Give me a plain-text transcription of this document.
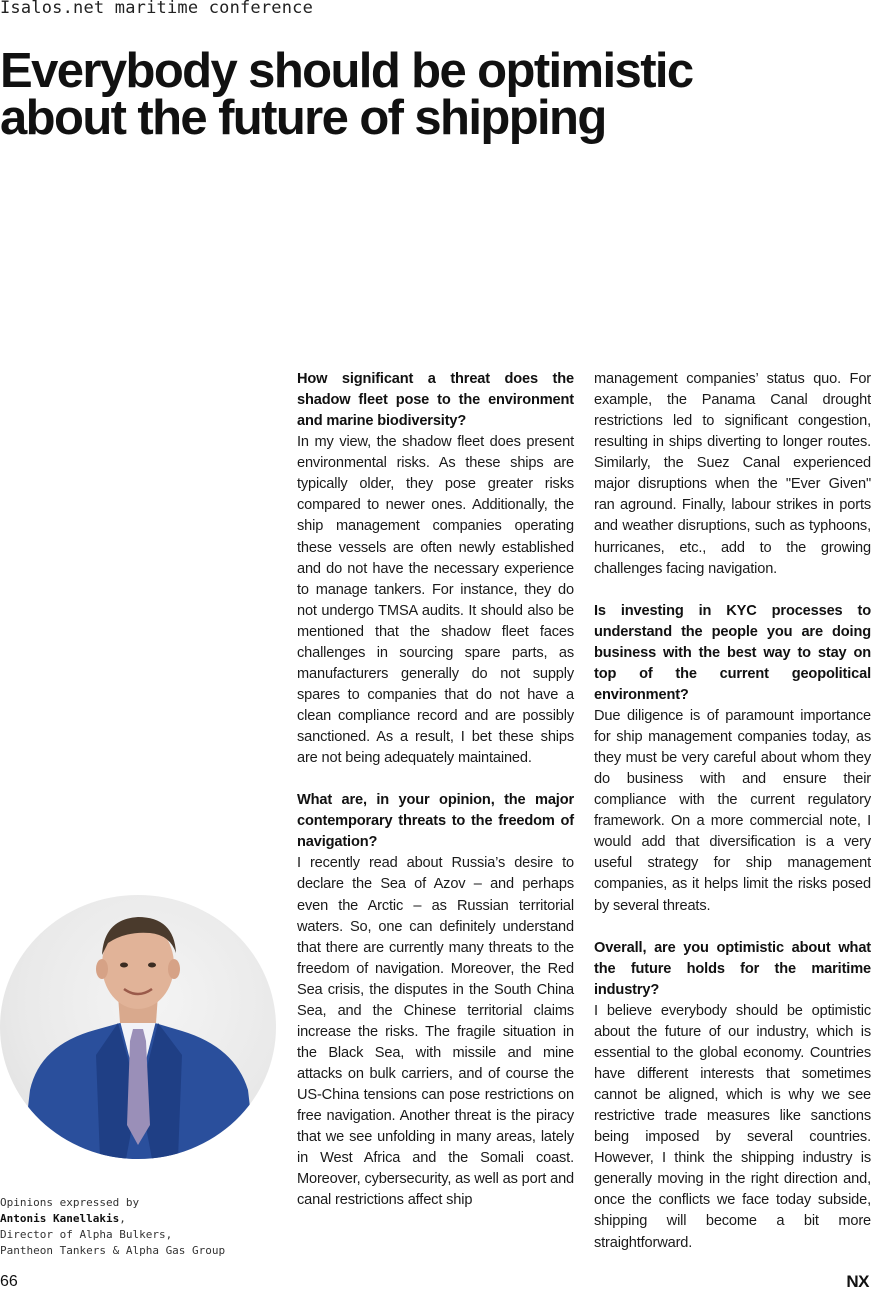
Isalos.net maritime conference
Everybody should be optimistic
about the future of shipping

How significant a threat does the shadow fleet pose to the environment and marine biodiversity?

In my view, the shadow fleet does present environmental risks. As these ships are typically older, they pose greater risks compared to newer ones. Additionally, the ship management companies operating these vessels are often newly established and do not have the necessary experience to manage tankers. For instance, they do not undergo TMSA audits. It should also be mentioned that the shadow fleet faces challenges in sourcing spare parts, as manufacturers generally do not supply spares to companies that do not have a clean compliance record and are possibly sanctioned. As a result, I bet these ships are not being adequately maintained.

What are, in your opinion, the major contemporary threats to the freedom of navigation?

I recently read about Russia’s desire to declare the Sea of Azov – and perhaps even the Arctic – as Russian territorial waters. So, one can definitely understand that there are currently many threats to the freedom of navigation. Moreover, the Red Sea crisis, the disputes in the South China Sea, and the Chinese territorial claims increase the risks. The fragile situation in the Black Sea, with missile and mine attacks on bulk carriers, and of course the US-China tensions can pose restrictions on free navigation. Another threat is the piracy that we see unfolding in many areas, lately in West Africa and the Somali coast. Moreover, cybersecurity, as well as port and canal restrictions affect ship

management companies’ status quo. For example, the Panama Canal drought restrictions led to significant congestion, resulting in ships diverting to longer routes. Similarly, the Suez Canal experienced major disruptions when the "Ever Given" ran aground. Finally, labour strikes in ports and weather disruptions, such as typhoons, hurricanes, etc., add to the growing challenges facing navigation.

Is investing in KYC processes to understand the people you are doing business with the best way to stay on top of the current geopolitical environment?

Due diligence is of paramount importance for ship management companies today, as they must be very careful about whom they do business with and ensure their compliance with the current regulatory framework. On a more commercial note, I would add that diversification is a very useful strategy for ship management companies, as it helps limit the risks posed by several threats.

Overall, are you optimistic about what the future holds for the maritime industry?

I believe everybody should be optimistic about the future of our industry, which is essential to the global economy. Countries have different interests that sometimes cannot be aligned, which is why we see restrictive trade measures like sanctions being imposed by several countries. However, I think the shipping industry is generally moving in the right direction and, once the conflicts we face today subside, shipping will become a bit more straightforward.

Opinions expressed by
Antonis Kanellakis,
Director of Alpha Bulkers,
Pantheon Tankers & Alpha Gas Group
66	NX
